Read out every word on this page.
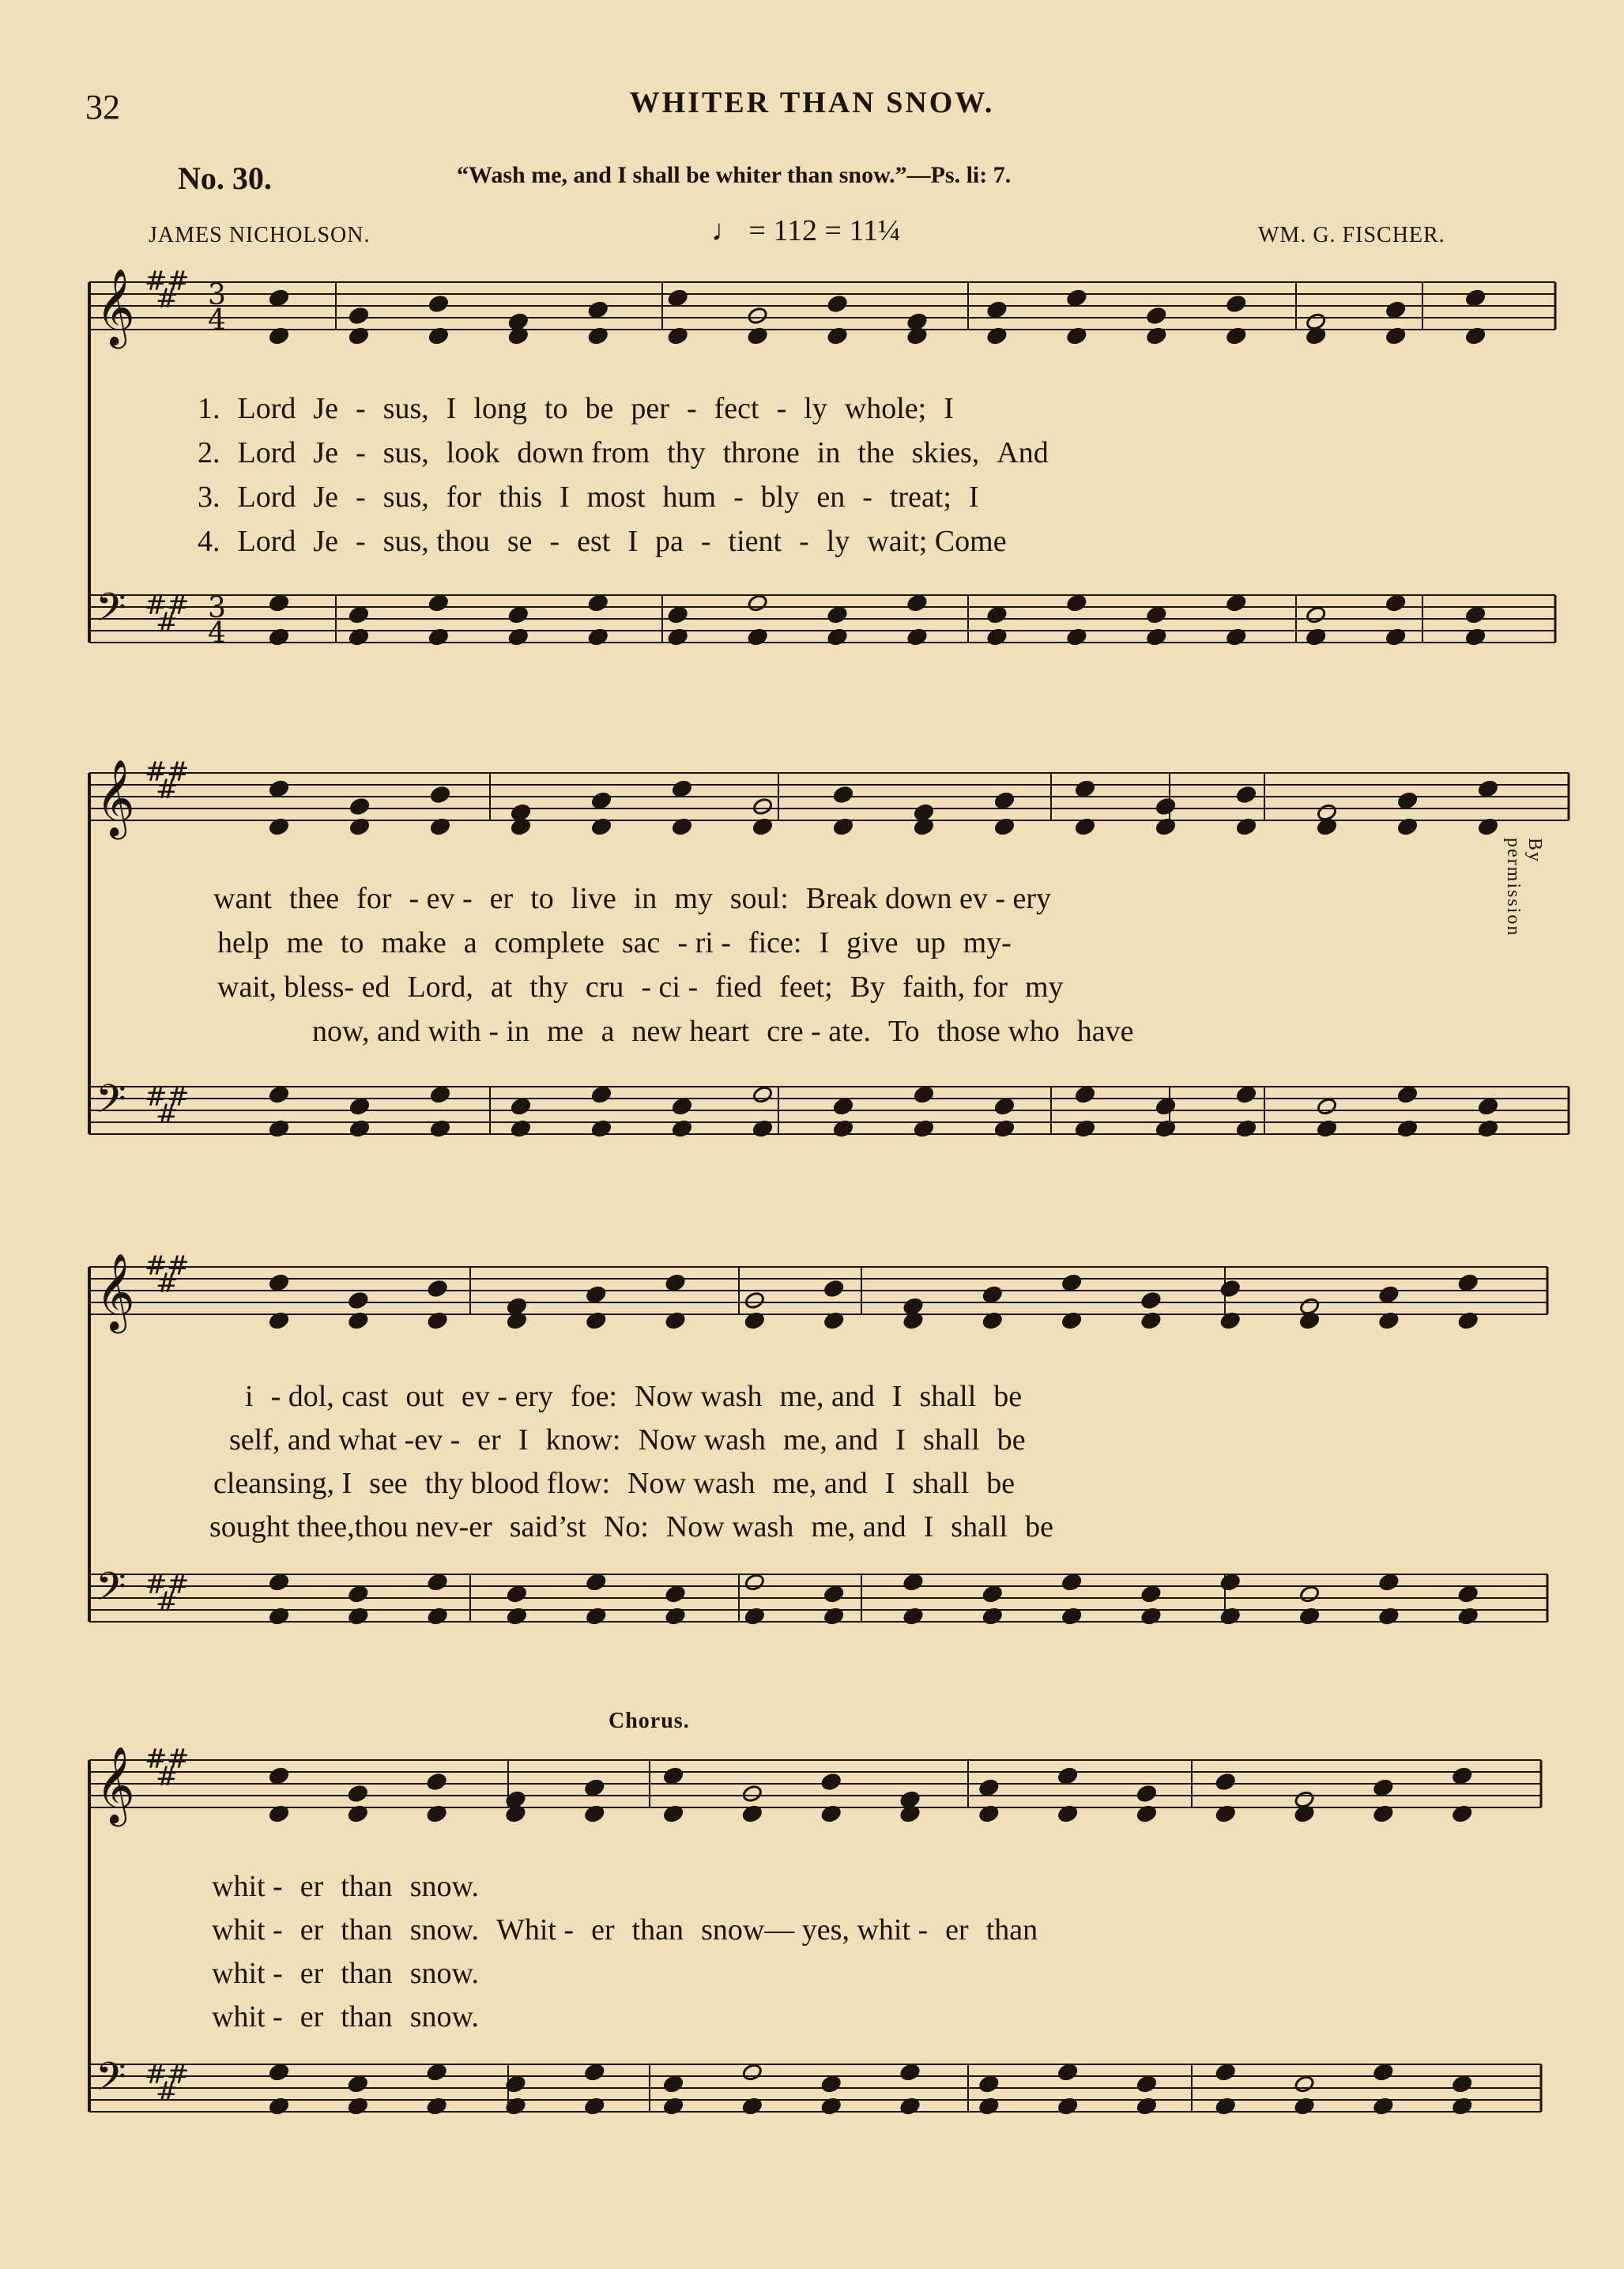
32	WHITER THAN SNOW.
No. 30.	“Wash me, and I shall be whiter than snow.”—Ps. li: 7.
JAMES NICHOLSON.	♩ = 112 = 11¼	WM. G. FISCHER.
Chorus.
By permission
𝄞
𝄢
#
#
#
#
#
#
3
4
3
4
𝄞
𝄢
#
#
#
#
#
#
𝄞
𝄢
#
#
#
#
#
#
𝄞
𝄢
#
#
#
#
#
#
1. Lord Je - sus, I long to be per - fect - ly whole; I
2. Lord Je - sus, look down from thy throne in the skies, And
3. Lord Je - sus, for this I most hum - bly en - treat; I
4. Lord Je - sus, thou se - est I pa - tient - ly wait; Come
want thee for - ev - er to live in my soul: Break down ev - ery
help me to make a complete sac - ri - fice: I give up my-
wait, bless- ed Lord, at thy cru - ci - fied feet; By faith, for my
now, and with - in me a new heart cre - ate. To those who have
i - dol, cast out ev - ery foe: Now wash me, and I shall be
self, and what -ev - er I know: Now wash me, and I shall be
cleansing, I see thy blood flow: Now wash me, and I shall be
sought thee,thou nev-er said’st No: Now wash me, and I shall be
whit - er than snow.
whit - er than snow. Whit - er than snow— yes, whit - er than
whit - er than snow.
whit - er than snow.
